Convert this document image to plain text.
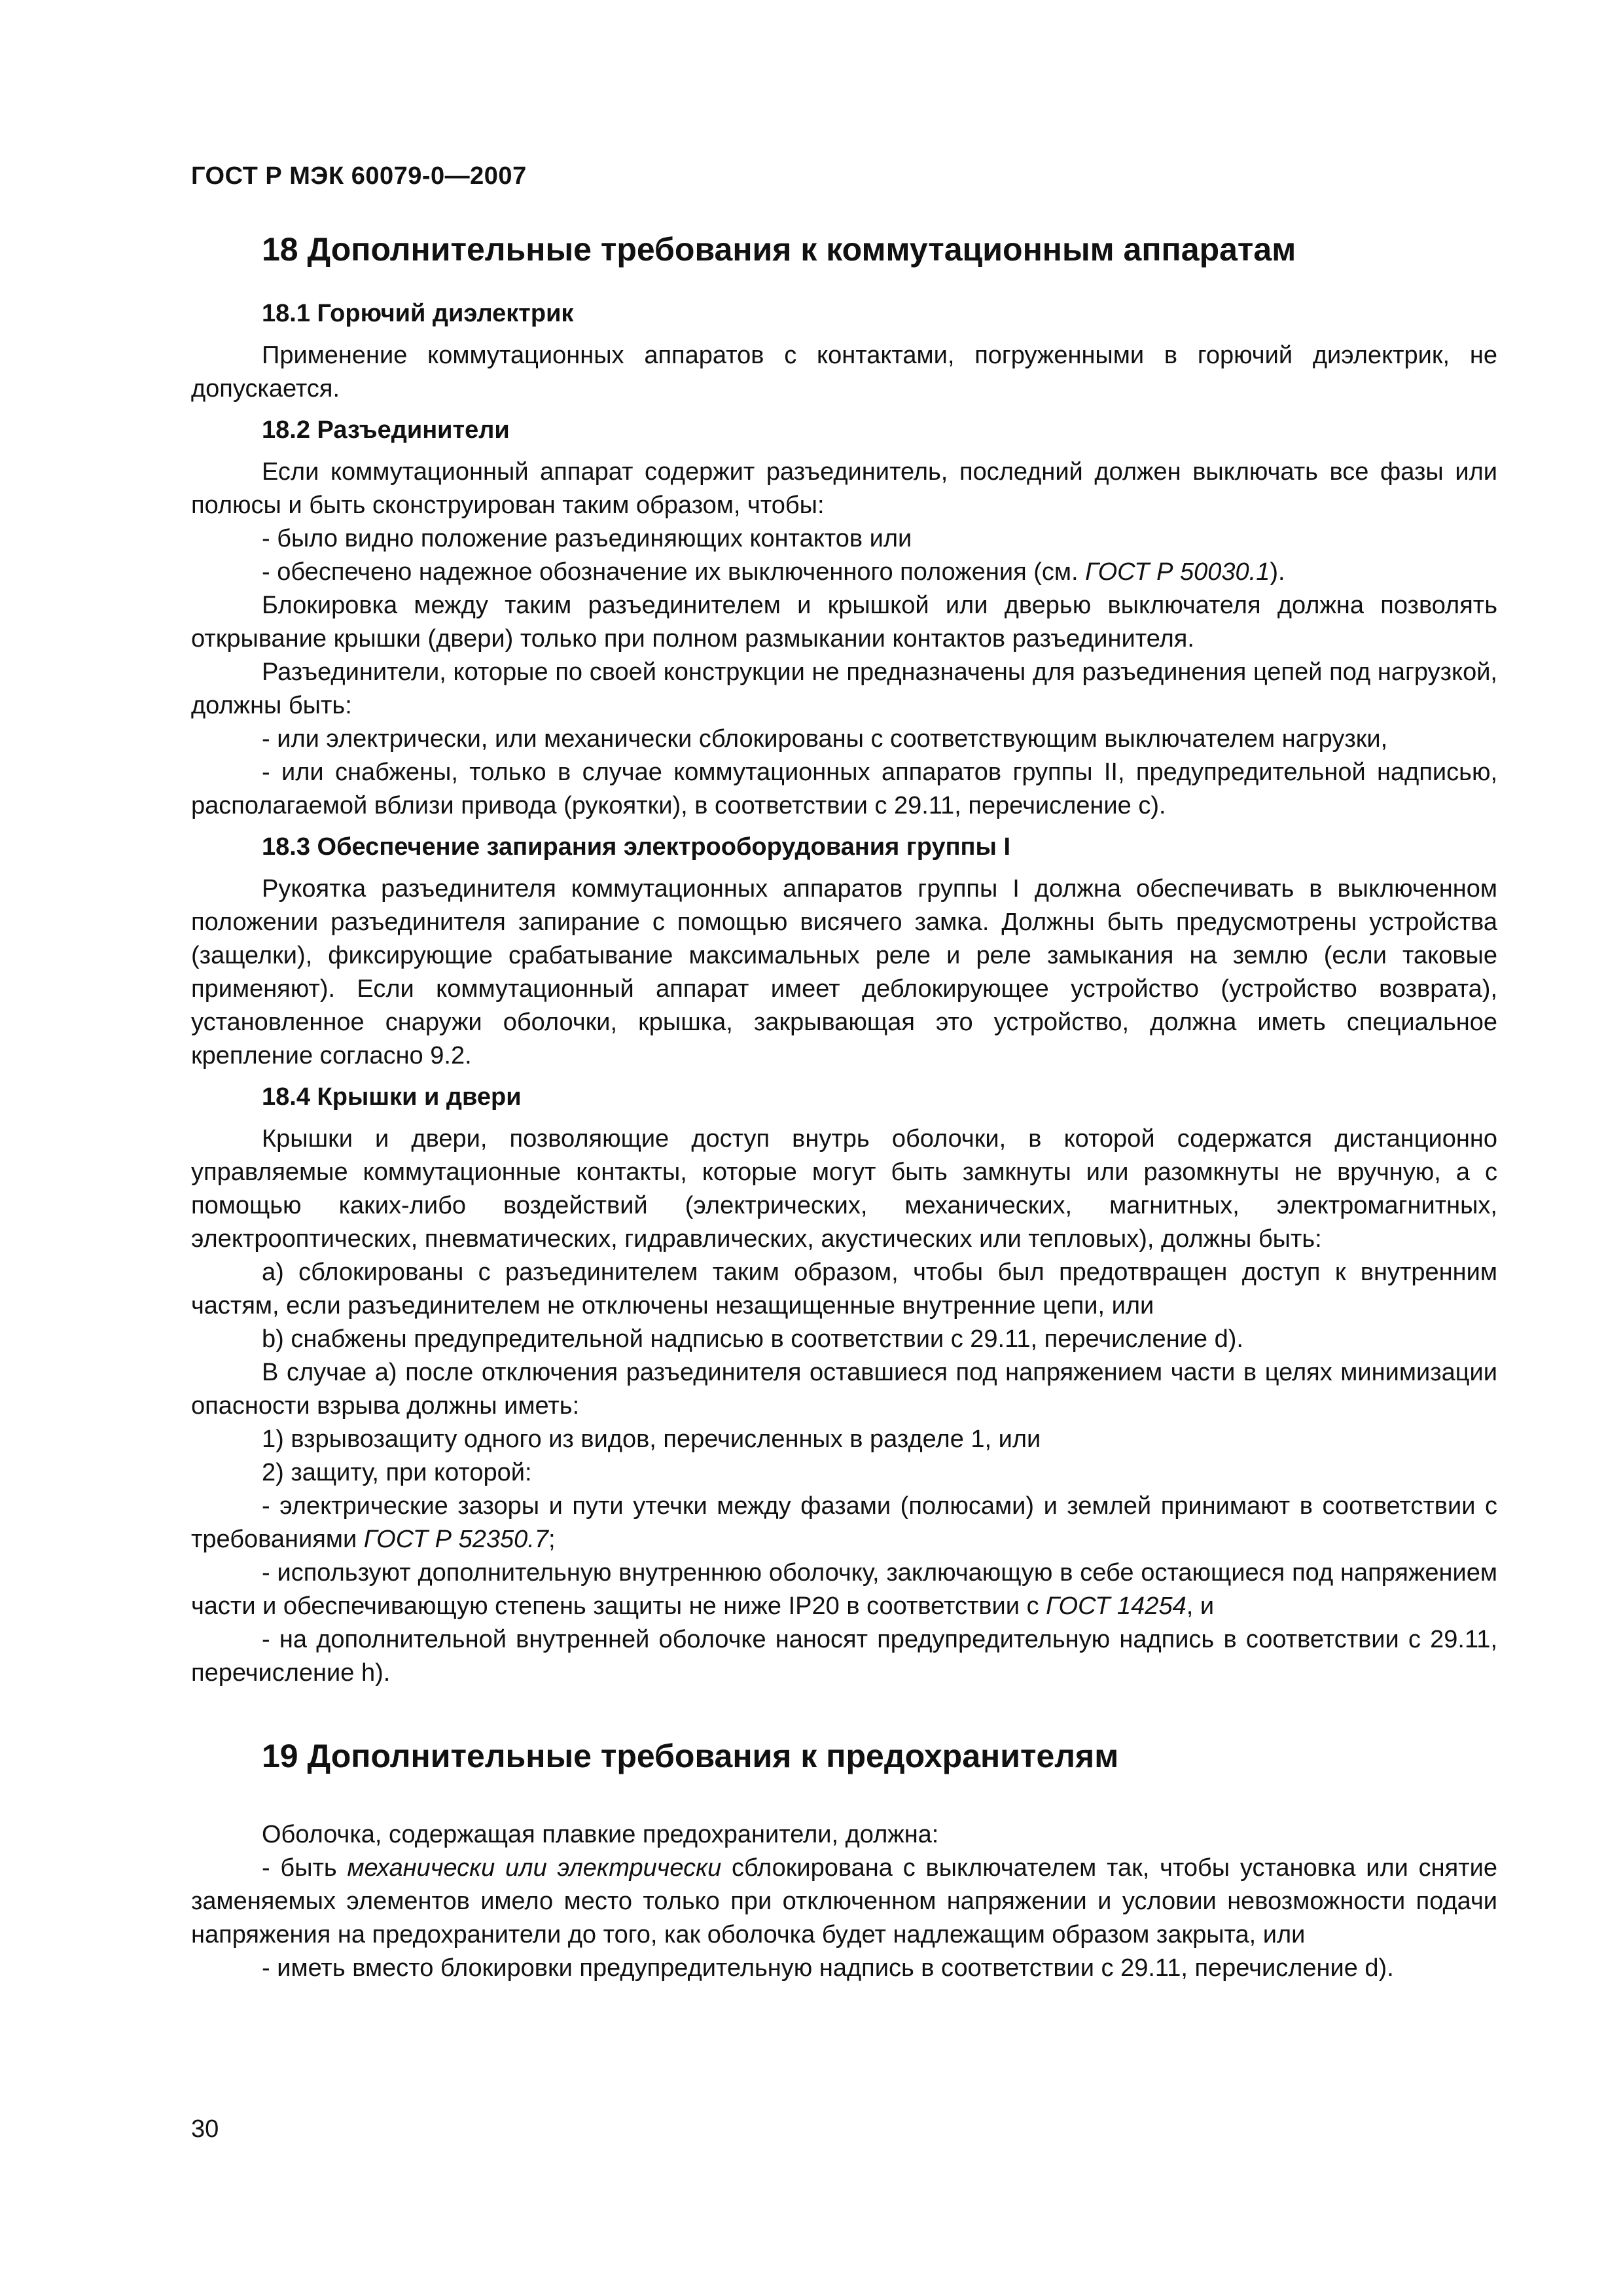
ГОСТ Р МЭК 60079-0—2007
18 Дополнительные требования к коммутационным аппаратам
18.1 Горючий диэлектрик

Применение коммутационных аппаратов с контактами, погруженными в горючий диэлектрик, не допускается.

18.2 Разъединители

Если коммутационный аппарат содержит разъединитель, последний должен выключать все фазы или полюсы и быть сконструирован таким образом, чтобы:

- было видно положение разъединяющих контактов или

- обеспечено надежное обозначение их выключенного положения (см. ГОСТ Р 50030.1).

Блокировка между таким разъединителем и крышкой или дверью выключателя должна позволять открывание крышки (двери) только при полном размыкании контактов разъединителя.

Разъединители, которые по своей конструкции не предназначены для разъединения цепей под нагрузкой, должны быть:

- или электрически, или механически сблокированы с соответствующим выключателем нагрузки,

- или снабжены, только в случае коммутационных аппаратов группы II, предупредительной надписью, располагаемой вблизи привода (рукоятки), в соответствии с 29.11, перечисление c).

18.3 Обеспечение запирания электрооборудования группы I

Рукоятка разъединителя коммутационных аппаратов группы I должна обеспечивать в выключенном положении разъединителя запирание с помощью висячего замка. Должны быть предусмотрены устройства (защелки), фиксирующие срабатывание максимальных реле и реле замыкания на землю (если таковые применяют). Если коммутационный аппарат имеет деблокирующее устройство (устройство возврата), установленное снаружи оболочки, крышка, закрывающая это устройство, должна иметь специальное крепление согласно 9.2.

18.4 Крышки и двери

Крышки и двери, позволяющие доступ внутрь оболочки, в которой содержатся дистанционно управляемые коммутационные контакты, которые могут быть замкнуты или разомкнуты не вручную, а с помощью каких-либо воздействий (электрических, механических, магнитных, электромагнитных, электрооптических, пневматических, гидравлических, акустических или тепловых), должны быть:

а) сблокированы с разъединителем таким образом, чтобы был предотвращен доступ к внутренним частям, если разъединителем не отключены незащищенные внутренние цепи, или

b) снабжены предупредительной надписью в соответствии с 29.11, перечисление d).

В случае а) после отключения разъединителя оставшиеся под напряжением части в целях минимизации опасности взрыва должны иметь:

1) взрывозащиту одного из видов, перечисленных в разделе 1, или

2) защиту, при которой:

- электрические зазоры и пути утечки между фазами (полюсами) и землей принимают в соответствии с требованиями ГОСТ Р 52350.7;

- используют дополнительную внутреннюю оболочку, заключающую в себе остающиеся под напряжением части и обеспечивающую степень защиты не ниже IP20 в соответствии с ГОСТ 14254, и

- на дополнительной внутренней оболочке наносят предупредительную надпись в соответствии с 29.11, перечисление h).

19 Дополнительные требования к предохранителям

Оболочка, содержащая плавкие предохранители, должна:

- быть механически или электрически сблокирована с выключателем так, чтобы установка или снятие заменяемых элементов имело место только при отключенном напряжении и условии невозможности подачи напряжения на предохранители до того, как оболочка будет надлежащим образом закрыта, или

- иметь вместо блокировки предупредительную надпись в соответствии с 29.11, перечисление d).

30
